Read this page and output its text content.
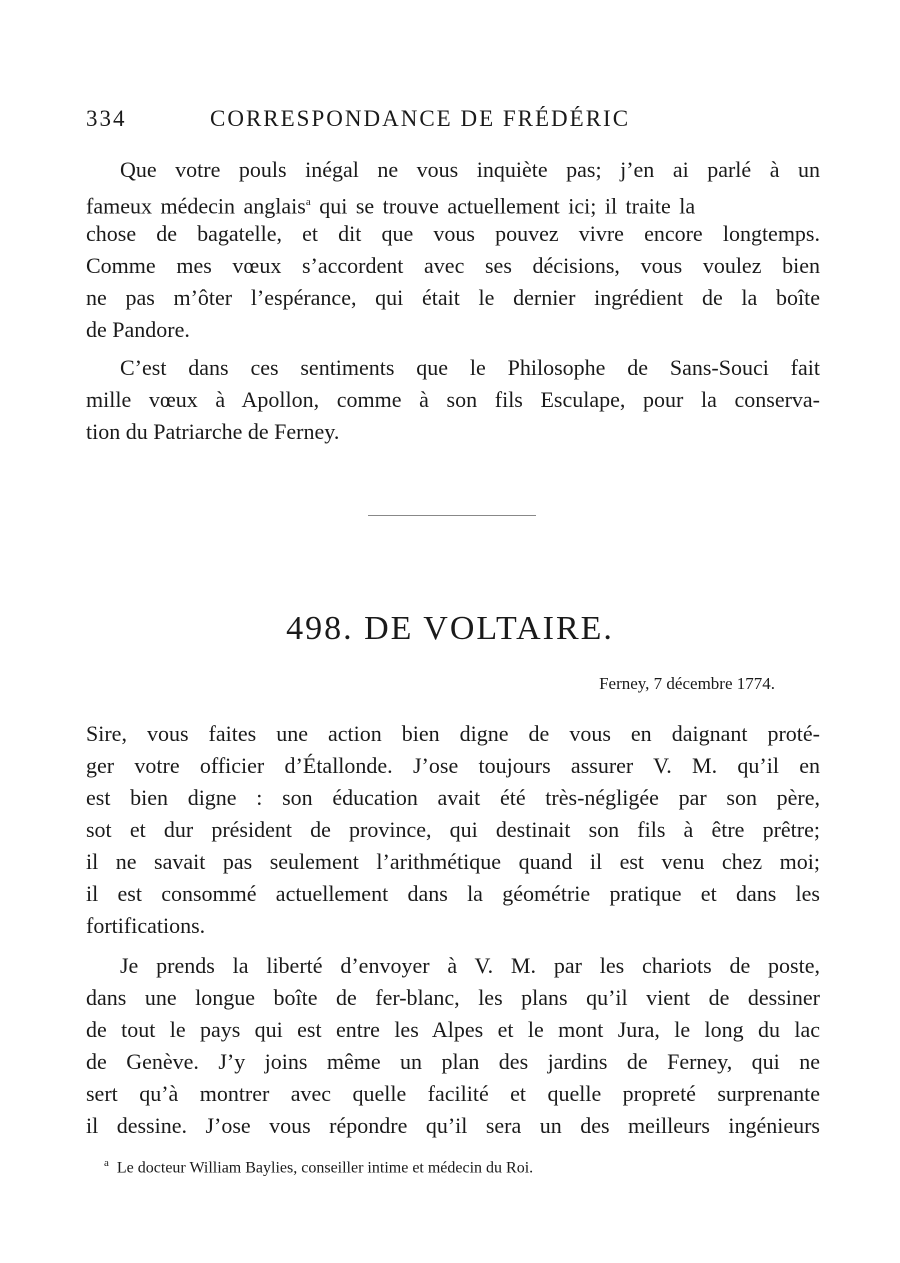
334	CORRESPONDANCE DE FRÉDÉRIC
Que votre pouls inégal ne vous inquiète pas; j’en ai parlé à un
fameux médecin anglais$^a$ qui se trouve actuellement ici; il traite la
chose de bagatelle, et dit que vous pouvez vivre encore longtemps.
Comme mes vœux s’accordent avec ses décisions, vous voulez bien
ne pas m’ôter l’espérance, qui était le dernier ingrédient de la boîte
de Pandore.
C’est dans ces sentiments que le Philosophe de Sans-Souci fait
mille vœux à Apollon, comme à son fils Esculape, pour la conserva-
tion du Patriarche de Ferney.
498. DE VOLTAIRE.
Ferney, 7 décembre 1774.
Sire, vous faites une action bien digne de vous en daignant proté-
ger votre officier d’Étallonde. J’ose toujours assurer V. M. qu’il en
est bien digne : son éducation avait été très-négligée par son père,
sot et dur président de province, qui destinait son fils à être prêtre;
il ne savait pas seulement l’arithmétique quand il est venu chez moi;
il est consommé actuellement dans la géométrie pratique et dans les
fortifications.
Je prends la liberté d’envoyer à V. M. par les chariots de poste,
dans une longue boîte de fer-blanc, les plans qu’il vient de dessiner
de tout le pays qui est entre les Alpes et le mont Jura, le long du lac
de Genève. J’y joins même un plan des jardins de Ferney, qui ne
sert qu’à montrer avec quelle facilité et quelle propreté surprenante
il dessine. J’ose vous répondre qu’il sera un des meilleurs ingénieurs
$^a$ Le docteur William Baylies, conseiller intime et médecin du Roi.
